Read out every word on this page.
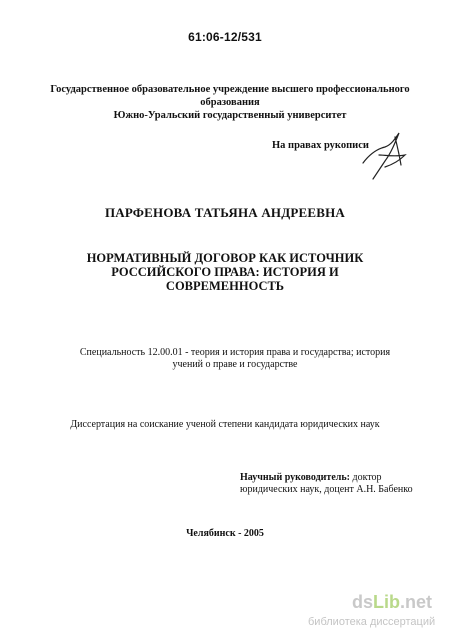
61:06-12/531
Государственное образовательное учреждение высшего профессионального
образования
Южно-Уральский государственный университет
На правах рукописи
ПАРФЕНОВА ТАТЬЯНА АНДРЕЕВНА
НОРМАТИВНЫЙ ДОГОВОР КАК ИСТОЧНИК
РОССИЙСКОГО ПРАВА: ИСТОРИЯ И
СОВРЕМЕННОСТЬ
Специальность 12.00.01 - теория и история права и государства; история
учений о праве и государстве
Диссертация на соискание ученой степени кандидата юридических наук
Научный руководитель: доктор
юридических наук, доцент А.Н. Бабенко
Челябинск - 2005
dsLib.net
библиотека диссертаций
